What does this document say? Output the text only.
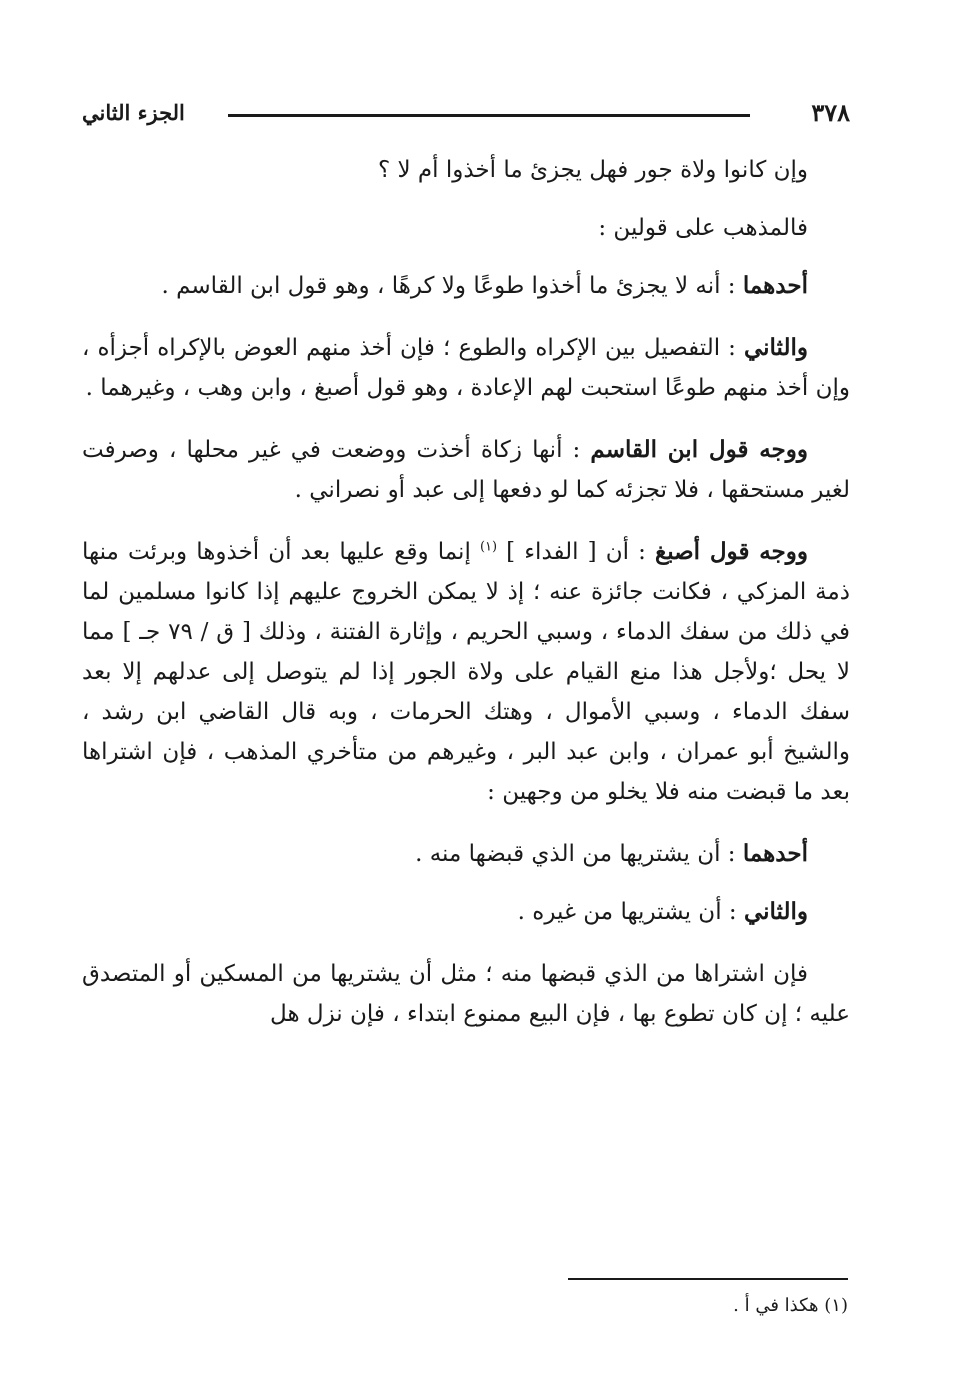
٣٧٨
الجزء الثاني

وإن كانوا ولاة جور فهل يجزئ ما أخذوا أم لا ؟

فالمذهب على قولين :

أحدهما : أنه لا يجزئ ما أخذوا طوعًا ولا كرهًا ، وهو قول ابن القاسم .

والثاني : التفصيل بين الإكراه والطوع ؛ فإن أخذ منهم العوض بالإكراه أجزأه ، وإن أخذ منهم طوعًا استحبت لهم الإعادة ، وهو قول أصبغ ، وابن وهب ، وغيرهما .

ووجه قول ابن القاسم : أنها زكاة أخذت ووضعت في غير محلها ، وصرفت لغير مستحقها ، فلا تجزئه كما لو دفعها إلى عبد أو نصراني .

ووجه قول أصبغ : أن [ الفداء ] $^{(١)}$ إنما وقع عليها بعد أن أخذوها وبرئت منها ذمة المزكي ، فكانت جائزة عنه ؛ إذ لا يمكن الخروج عليهم إذا كانوا مسلمين لما في ذلك من سفك الدماء ، وسبي الحريم ، وإثارة الفتنة ، وذلك [ ق / ٧٩ جـ ] مما لا يحل ؛ولأجل هذا منع القيام على ولاة الجور إذا لم يتوصل إلى عدلهم إلا بعد سفك الدماء ، وسبي الأموال ، وهتك الحرمات ، وبه قال القاضي ابن رشد ، والشيخ أبو عمران ، وابن عبد البر ، وغيرهم من متأخري المذهب ، فإن اشتراها بعد ما قبضت منه فلا يخلو من وجهين :

أحدهما : أن يشتريها من الذي قبضها منه .

والثاني : أن يشتريها من غيره .

فإن اشتراها من الذي قبضها منه ؛ مثل أن يشتريها من المسكين أو المتصدق عليه ؛ إن كان تطوع بها ، فإن البيع ممنوع ابتداء ، فإن نزل هل

(١) هكذا في أ .
